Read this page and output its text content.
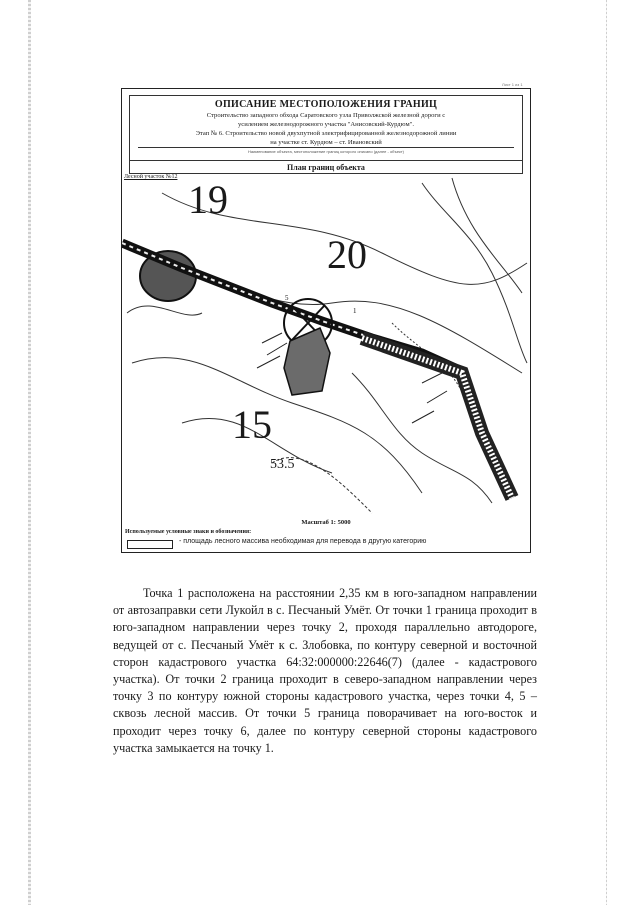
Лист 1 из 1
ОПИСАНИЕ МЕСТОПОЛОЖЕНИЯ ГРАНИЦ
Строительство западного обхода Саратовского узла Приволжской железной дороги с
усилением железнодорожного участка "Анисовский-Курдюм".
Этап № 6. Строительство новой двухпутной электрифицированной железнодорожной линии
на участке ст. Курдюм – ст. Ивановский
Наименование объекта, местоположение границ которого описано (далее - объект)
План границ объекта
Лесной участок №12 19
20
15
53.5
5
1
Масштаб 1: 5000
Используемые условные знаки и обозначения:
- площадь лесного массива необходимая для перевода в другую категорию
Точка 1 расположена на расстоянии 2,35 км в юго-западном направлении от автозаправки сети Лукойл в с. Песчаный Умёт. От точки 1 граница проходит в юго-западном направлении через точку 2, проходя параллельно автодороге, ведущей от с. Песчаный Умёт к с. Злобовка, по контуру северной и восточной сторон кадастрового участка 64:32:000000:22646(7) (далее - кадастрового участка). От точки 2 граница проходит в северо-западном направлении через точку 3 по контуру южной стороны кадастрового участка, через точки 4, 5 – сквозь лесной массив. От точки 5 граница поворачивает на юго-восток и проходит через точку 6, далее по контуру северной стороны кадастрового участка замыкается на точку 1.
